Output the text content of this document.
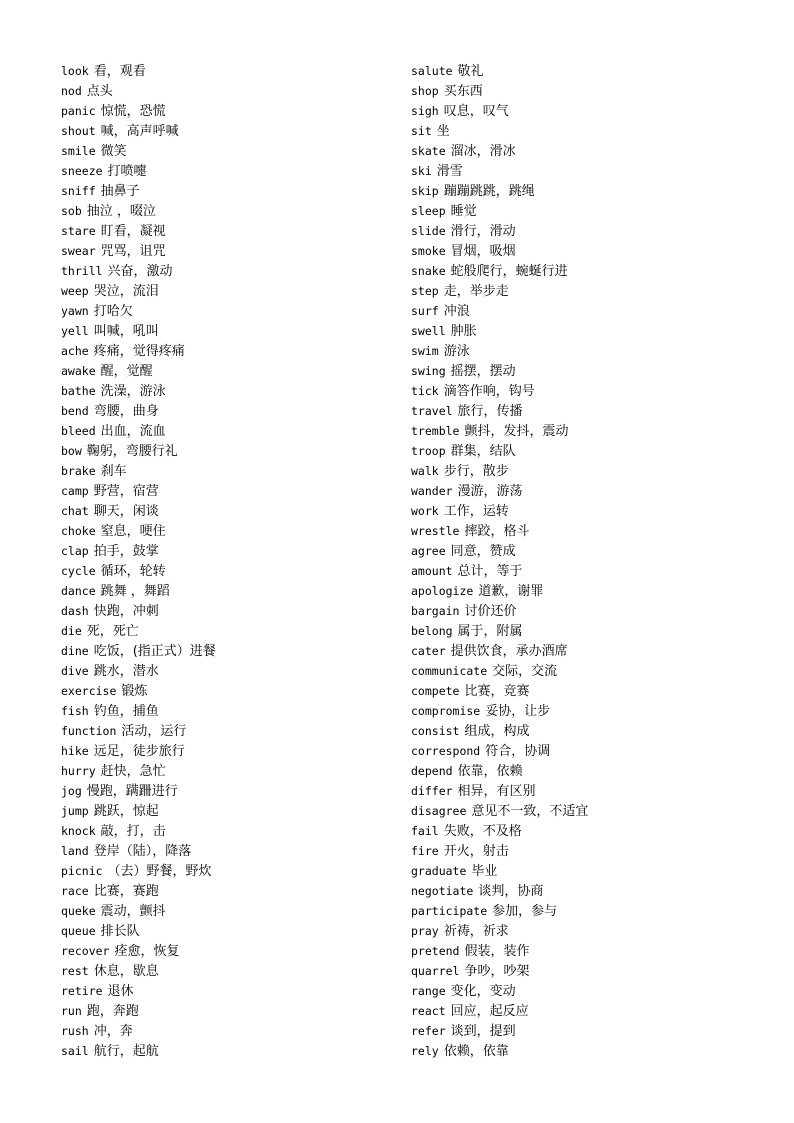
look 看，观看
nod 点头
panic 惊慌，恐慌
shout 喊，高声呼喊
smile 微笑
sneeze 打喷嚏
sniff 抽鼻子
sob 抽泣 ，啜泣
stare 盯看，凝视
swear 咒骂，诅咒
thrill 兴奋，激动
weep 哭泣，流泪
yawn 打哈欠
yell 叫喊，吼叫
ache 疼痛，觉得疼痛
awake 醒，觉醒
bathe 洗澡，游泳
bend 弯腰，曲身
bleed 出血，流血
bow 鞠躬，弯腰行礼
brake 刹车
camp 野营，宿营
chat 聊天，闲谈
choke 窒息，哽住
clap 拍手，鼓掌
cycle 循环，轮转
dance 跳舞 ，舞蹈
dash 快跑，冲刺
die 死，死亡
dine 吃饭，(指正式）进餐
dive 跳水，潜水
exercise 锻炼
fish 钓鱼，捕鱼
function 活动，运行
hike 远足，徒步旅行
hurry 赶快，急忙
jog 慢跑，蹒跚进行
jump 跳跃，惊起
knock 敲，打，击
land 登岸（陆），降落
picnic （去）野餐，野炊
race 比赛，赛跑
queke 震动，颤抖
queue 排长队
recover 痊愈，恢复
rest 休息，歇息
retire 退休
run 跑，奔跑
rush 冲，奔
sail 航行，起航
salute 敬礼
shop 买东西
sigh 叹息，叹气
sit 坐
skate 溜冰，滑冰
ski 滑雪
skip 蹦蹦跳跳，跳绳
sleep 睡觉
slide 滑行，滑动
smoke 冒烟，吸烟
snake 蛇般爬行，蜿蜒行进
step 走，举步走
surf 冲浪
swell 肿胀
swim 游泳
swing 摇摆，摆动
tick 滴答作响，钩号
travel 旅行，传播
tremble 颤抖，发抖，震动
troop 群集，结队
walk 步行，散步
wander 漫游，游荡
work 工作，运转
wrestle 摔跤，格斗
agree 同意，赞成
amount 总计，等于
apologize 道歉，谢罪
bargain 讨价还价
belong 属于，附属
cater 提供饮食，承办酒席
communicate 交际，交流
compete 比赛，竞赛
compromise 妥协，让步
consist 组成，构成
correspond 符合，协调
depend 依靠，依赖
differ 相异，有区别
disagree 意见不一致，不适宜
fail 失败，不及格
fire 开火，射击
graduate 毕业
negotiate 谈判，协商
participate 参加，参与
pray 祈祷，祈求
pretend 假装，装作
quarrel 争吵，吵架
range 变化，变动
react 回应，起反应
refer 谈到，提到
rely 依赖，依靠
